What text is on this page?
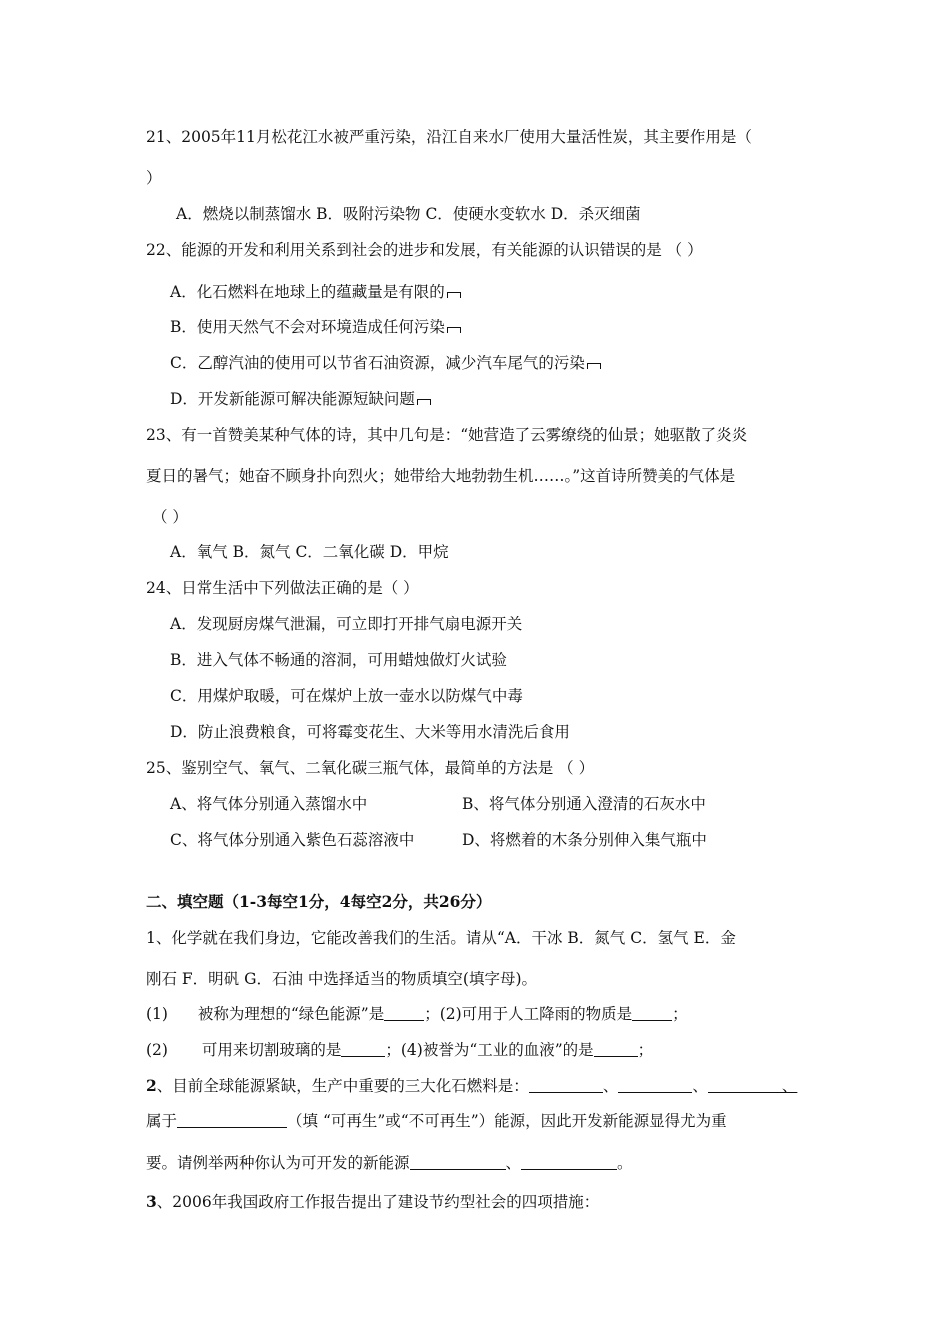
21、2005年11月松花江水被严重污染，沿江自来水厂使用大量活性炭，其主要作用是（
）
A．燃烧以制蒸馏水 B．吸附污染物 C．使硬水变软水 D．杀灭细菌
22、能源的开发和利用关系到社会的进步和发展，有关能源的认识错误的是 （ ）
A．化石燃料在地球上的蕴藏量是有限的
B．使用天然气不会对环境造成任何污染
C．乙醇汽油的使用可以节省石油资源，减少汽车尾气的污染
D．开发新能源可解决能源短缺问题
23、有一首赞美某种气体的诗，其中几句是：“她营造了云雾缭绕的仙景；她驱散了炎炎
夏日的暑气；她奋不顾身扑向烈火；她带给大地勃勃生机……。”这首诗所赞美的气体是
（ ）
A．氧气 B．氮气 C．二氧化碳 D．甲烷
24、日常生活中下列做法正确的是（ ）
A．发现厨房煤气泄漏，可立即打开排气扇电源开关
B．进入气体不畅通的溶洞，可用蜡烛做灯火试验
C．用煤炉取暖，可在煤炉上放一壶水以防煤气中毒
D．防止浪费粮食，可将霉变花生、大米等用水清洗后食用
25、鉴别空气、氧气、二氧化碳三瓶气体，最简单的方法是 （ ）
A、将气体分别通入蒸馏水中	B、将气体分别通入澄清的石灰水中
C、将气体分别通入紫色石蕊溶液中	D、将燃着的木条分别伸入集气瓶中
二、填空题（1-3每空1分，4每空2分，共26分）
1、化学就在我们身边，它能改善我们的生活。请从“A．干冰 B．氮气 C．氢气 E．金
刚石 F．明矾 G．石油 中选择适当的物质填空(填字母)。
(1) 被称为理想的“绿色能源”是	；(2)可用于人工降雨的物质是	；
(2) 可用来切割玻璃的是	；(4)被誉为“工业的血液”的是	；
2、目前全球能源紧缺，生产中重要的三大化石燃料是：	、	、	、
属于	（填 “可再生”或“不可再生”）能源，因此开发新能源显得尤为重
要。请例举两种你认为可开发的新能源	、	。
3、2006年我国政府工作报告提出了建设节约型社会的四项措施：
